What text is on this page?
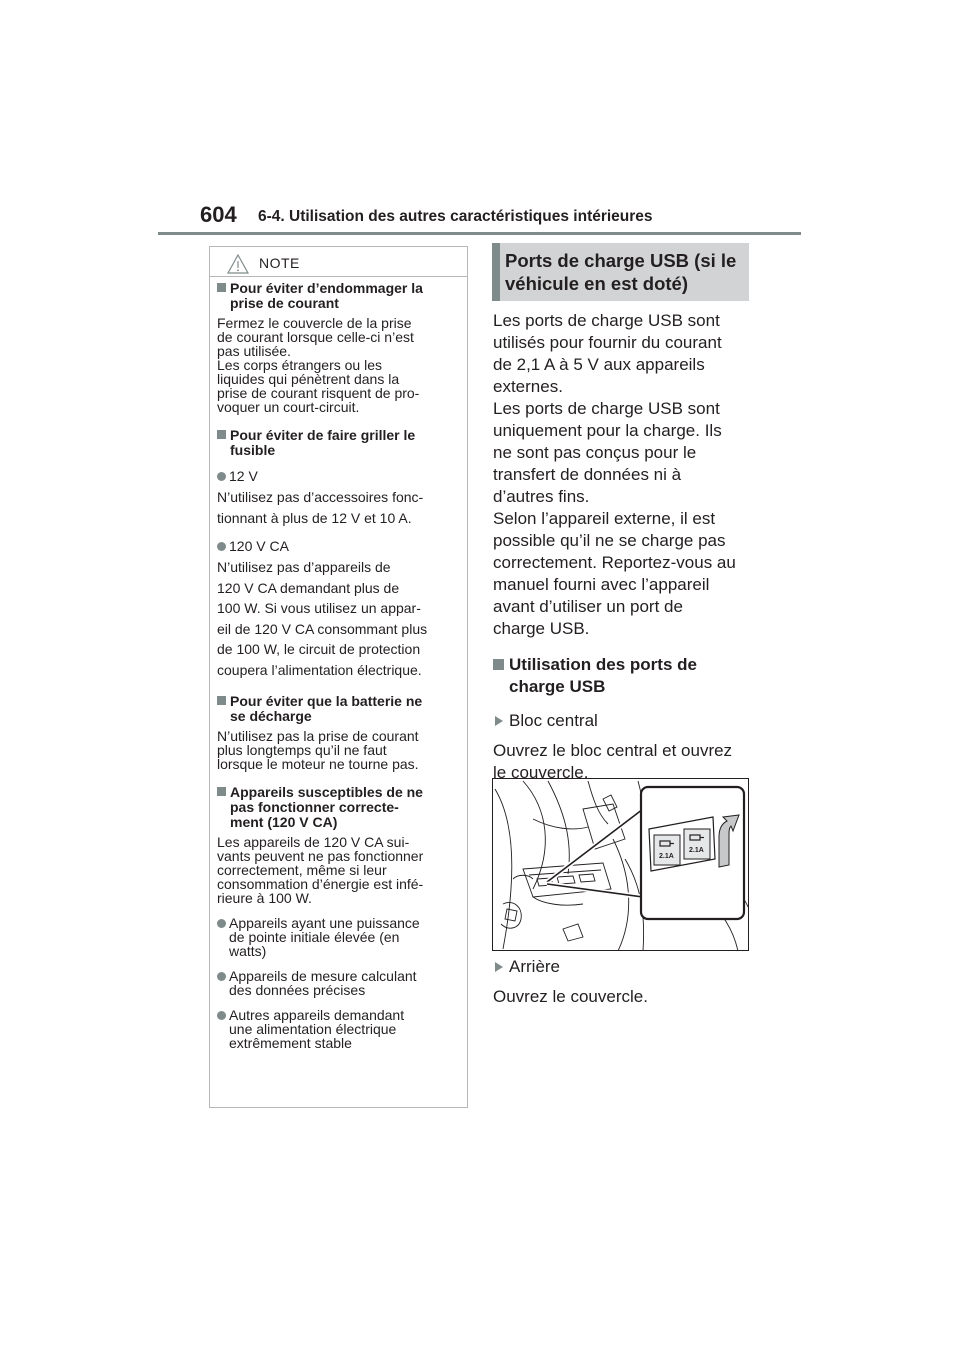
604 6-4. Utilisation des autres caractéristiques intérieures
NOTE

Pour éviter d’endommager la
prise de courant

Fermez le couvercle de la prise
de courant lorsque celle-ci n’est
pas utilisée.
Les corps étrangers ou les
liquides qui pénètrent dans la
prise de courant risquent de pro-
voquer un court-circuit.

Pour éviter de faire griller le
fusible

12 V

N’utilisez pas d’accessoires fonc-
tionnant à plus de 12 V et 10 A.

120 V CA

N’utilisez pas d’appareils de
120 V CA demandant plus de
100 W. Si vous utilisez un appar-
eil de 120 V CA consommant plus
de 100 W, le circuit de protection
coupera l’alimentation électrique.

Pour éviter que la batterie ne
se décharge

N’utilisez pas la prise de courant
plus longtemps qu’il ne faut
lorsque le moteur ne tourne pas.

Appareils susceptibles de ne
pas fonctionner correcte-
ment (120 V CA)

Les appareils de 120 V CA sui-
vants peuvent ne pas fonctionner
correctement, même si leur
consommation d’énergie est infé-
rieure à 100 W.

Appareils ayant une puissance
de pointe initiale élevée (en
watts)

Appareils de mesure calculant
des données précises

Autres appareils demandant
une alimentation électrique
extrêmement stable

Ports de charge USB (si le
véhicule en est doté)

Les ports de charge USB sont
utilisés pour fournir du courant
de 2,1 A à 5 V aux appareils
externes.
Les ports de charge USB sont
uniquement pour la charge. Ils
ne sont pas conçus pour le
transfert de données ni à
d’autres fins.
Selon l’appareil externe, il est
possible qu’il ne se charge pas
correctement. Reportez-vous au
manuel fourni avec l’appareil
avant d’utiliser un port de
charge USB.

Utilisation des ports de
charge USB

Bloc central

Ouvrez le bloc central et ouvrez
le couvercle.

2.1A
2.1A

Arrière

Ouvrez le couvercle.
